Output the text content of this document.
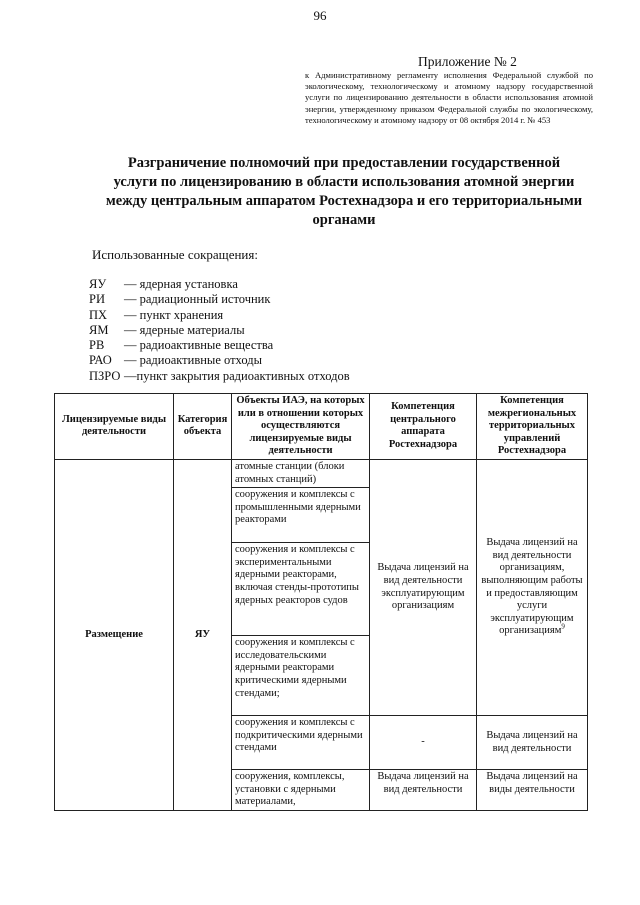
96
Приложение № 2
к Административному регламенту исполнения Федеральной службой по экологическому, технологическому и атомному надзору государственной услуги по лицензированию деятельности в области использования атомной энергии, утвержденному приказом Федеральной службы по экологическому, технологическому и атомному надзору от 08 октября 2014 г. № 453
Разграничение полномочий при предоставлении государственной
услуги по лицензированию в области использования атомной энергии
между центральным аппаратом Ростехнадзора и его территориальными
органами
Использованные сокращения:
ЯУ	— ядерная установка
РИ	— радиационный источник
ПХ	— пункт хранения
ЯМ	— ядерные материалы
РВ	— радиоактивные вещества
РАО — радиоактивные отходы
ПЗРО —пункт закрытия радиоактивных отходов
Лицензируемые виды деятельности	Категория объекта	Объекты ИАЭ, на которых или в отношении которых осуществляются лицензируемые виды деятельности	Компетенция центрального аппарата Ростехнадзора	Компетенция межрегиональных территориальных управлений Ростехнадзора
Размещение	ЯУ	атомные станции (блоки атомных станций)	Выдача лицензий на вид деятельности эксплуатирующим организациям	Выдача лицензий на вид деятельности организациям, выполняющим работы и предоставляющим услуги эксплуатирующим организациям$^9$
		сооружения и комплексы с промышленными ядерными реакторами		
		сооружения и комплексы с экспериментальными ядерными реакторами, включая стенды-прототипы ядерных реакторов судов		
		сооружения и комплексы с исследовательскими ядерными реакторами критическими ядерными стендами;		
		сооружения и комплексы с подкритическими ядерными стендами	-	Выдача лицензий на вид деятельности
		сооружения, комплексы, установки с ядерными материалами,	Выдача лицензий на вид деятельности	Выдача лицензий на виды деятельности
